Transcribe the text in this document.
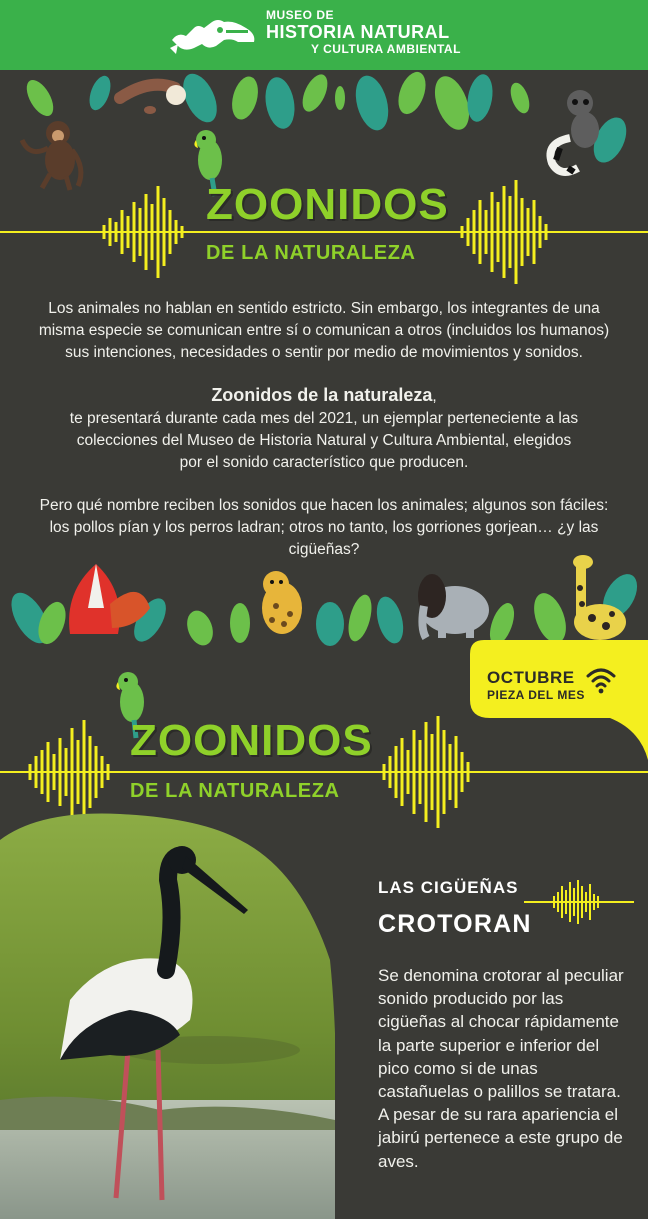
MUSEO DE
HISTORIA NATURAL
Y CULTURA AMBIENTAL
ZOONIDOS
DE LA NATURALEZA
Los animales no hablan en sentido estricto. Sin embargo, los integrantes de una misma especie se comunican entre sí o comunican a otros (incluidos los humanos) sus intenciones, necesidades o sentir por medio de movimientos y sonidos.
Zoonidos de la naturaleza,
te presentará durante cada mes del 2021, un ejemplar perteneciente a las colecciones del Museo de Historia Natural y Cultura Ambiental, elegidos por el sonido característico que producen.
Pero qué nombre reciben los sonidos que hacen los animales; algunos son fáciles: los pollos pían y los perros ladran; otros no tanto, los gorriones gorjean… ¿y las cigüeñas?
OCTUBRE
PIEZA DEL MES
ZOONIDOS
DE LA NATURALEZA
LAS CIGÜEÑAS
CROTORAN
Se denomina crotorar al peculiar sonido producido por las cigüeñas al chocar rápidamente la parte superior e inferior del pico como si de unas castañuelas o palillos se tratara. A pesar de su rara apariencia el jabirú pertenece a este grupo de aves.
